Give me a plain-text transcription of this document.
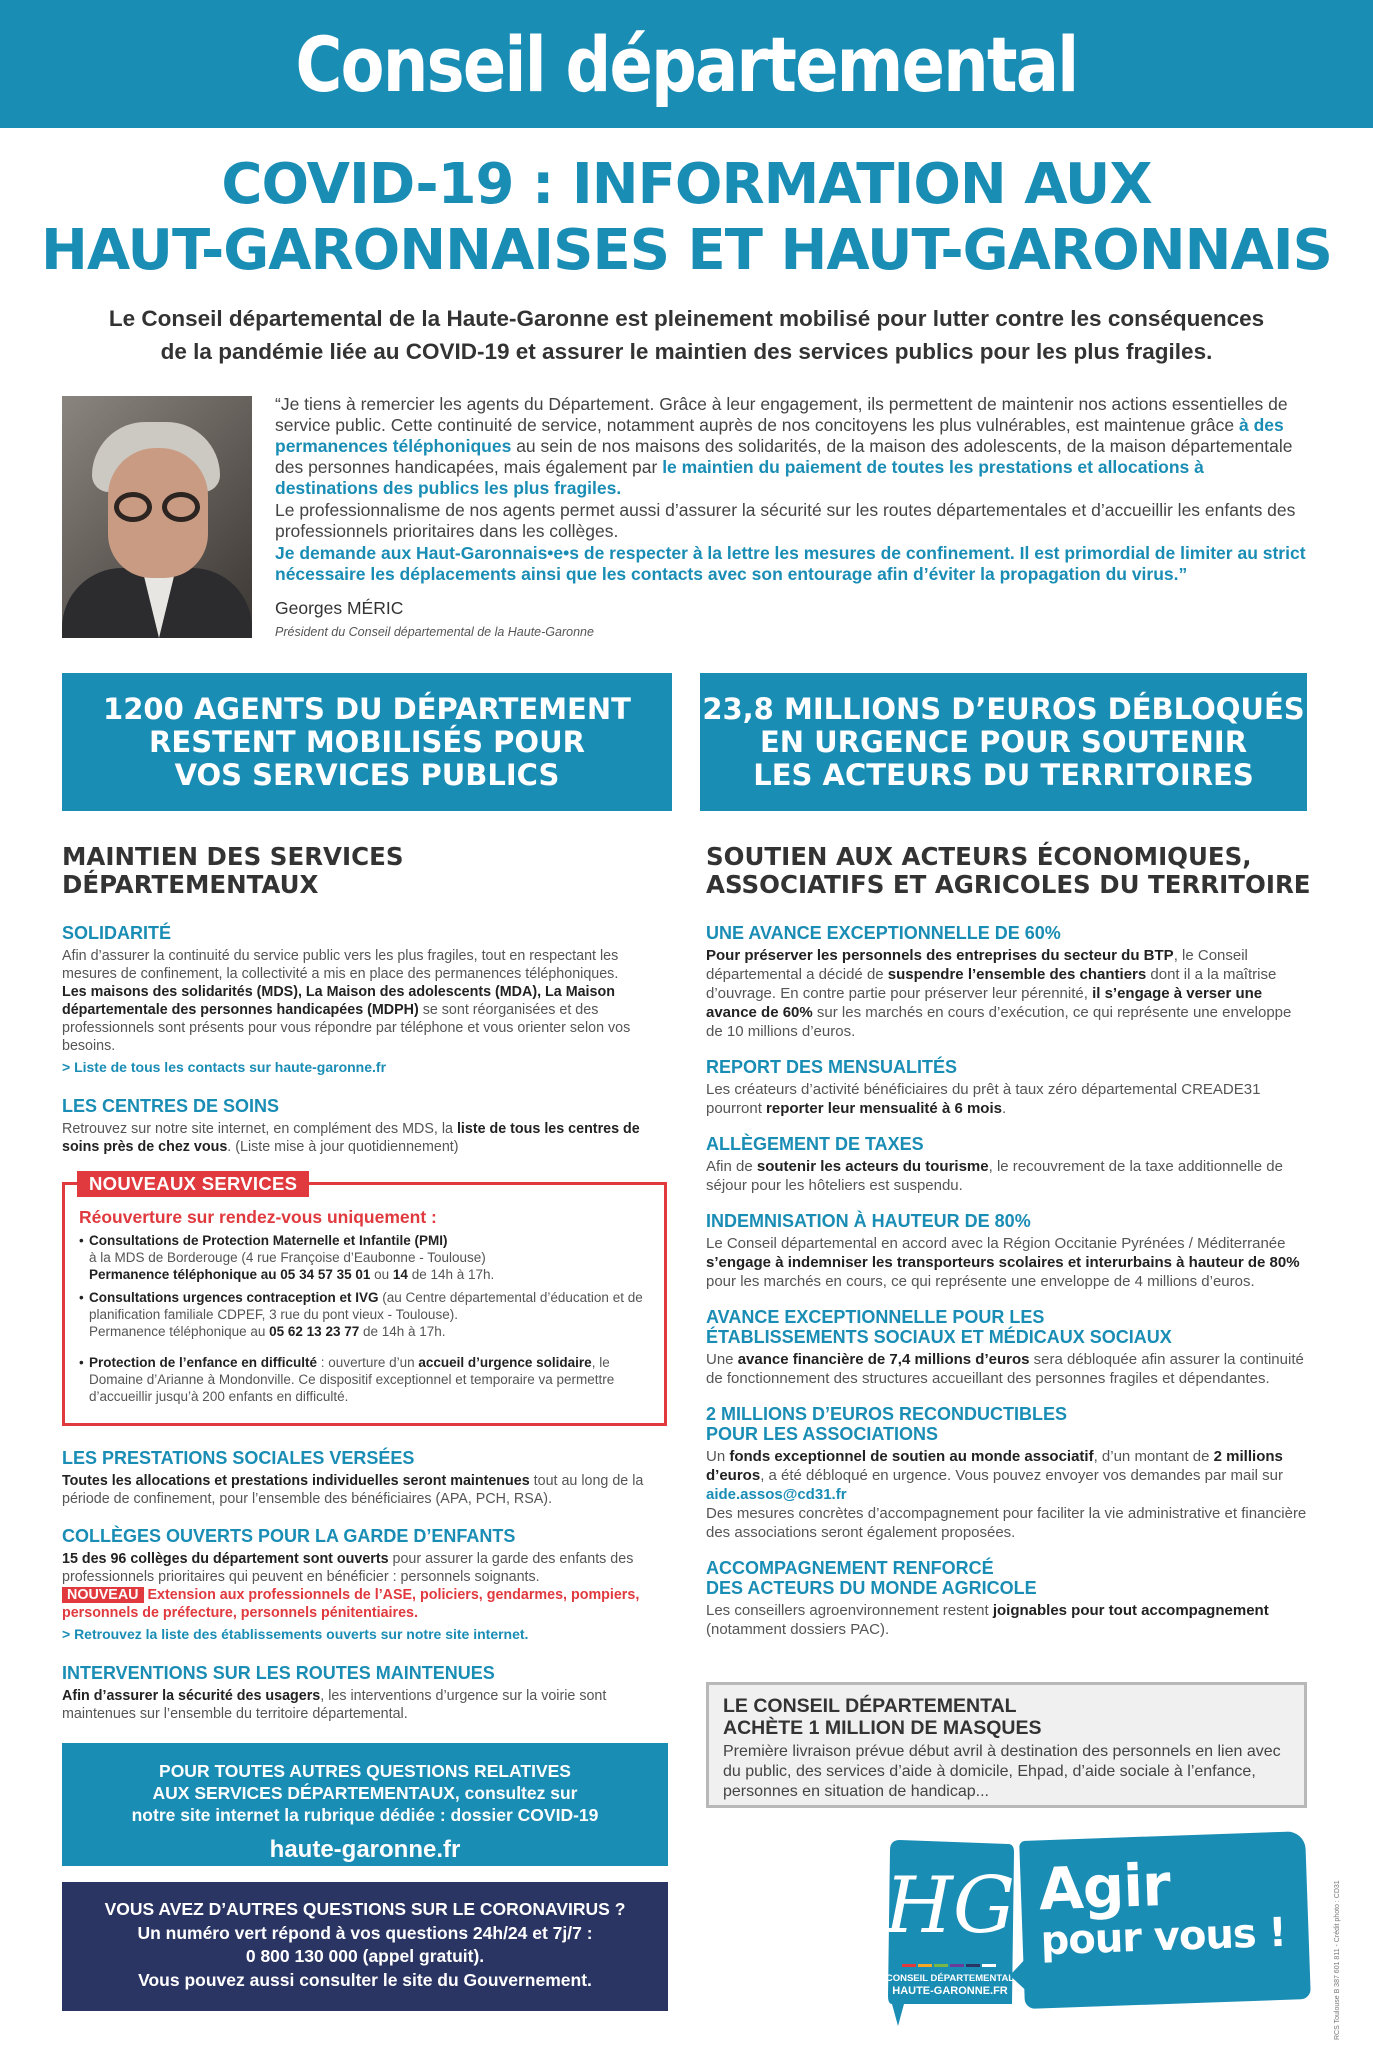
Conseil départemental
COVID-19 : INFORMATION AUX
HAUT-GARONNAISES ET HAUT-GARONNAIS
Le Conseil départemental de la Haute-Garonne est pleinement mobilisé pour lutter contre les conséquences
de la pandémie liée au COVID-19 et assurer le maintien des services publics pour les plus fragiles.

“Je tiens à remercier les agents du Département. Grâce à leur engagement, ils permettent de maintenir nos actions essentielles de service public. Cette continuité de service, notamment auprès de nos concitoyens les plus vulnérables, est maintenue grâce à des permanences téléphoniques au sein de nos maisons des solidarités, de la maison des adolescents, de la maison départementale des personnes handicapées, mais également par le maintien du paiement de toutes les prestations et allocations à destinations des publics les plus fragiles.

Le professionnalisme de nos agents permet aussi d’assurer la sécurité sur les routes départementales et d’accueillir les enfants des professionnels prioritaires dans les collèges.

Je demande aux Haut-Garonnais•e•s de respecter à la lettre les mesures de confinement. Il est primordial de limiter au strict nécessaire les déplacements ainsi que les contacts avec son entourage afin d’éviter la propagation du virus.”

Georges MÉRIC
Président du Conseil départemental de la Haute-Garonne
1200 AGENTS DU DÉPARTEMENT
RESTENT MOBILISÉS POUR
VOS SERVICES PUBLICS
23,8 MILLIONS D’EUROS DÉBLOQUÉS
EN URGENCE POUR SOUTENIR
LES ACTEURS DU TERRITOIRES
MAINTIEN DES SERVICES
DÉPARTEMENTAUX
SOLIDARITÉ
Afin d’assurer la continuité du service public vers les plus fragiles, tout en respectant les mesures de confinement, la collectivité a mis en place des permanences téléphoniques.
Les maisons des solidarités (MDS), La Maison des adolescents (MDA), La Maison départementale des personnes handicapées (MDPH) se sont réorganisées et des professionnels sont présents pour vous répondre par téléphone et vous orienter selon vos besoins.
> Liste de tous les contacts sur haute-garonne.fr
LES CENTRES DE SOINS
Retrouvez sur notre site internet, en complément des MDS, la liste de tous les centres de soins près de chez vous. (Liste mise à jour quotidiennement)
NOUVEAUX SERVICES
Réouverture sur rendez-vous uniquement :
• Consultations de Protection Maternelle et Infantile (PMI)
à la MDS de Borderouge (4 rue Françoise d’Eaubonne - Toulouse)
Permanence téléphonique au 05 34 57 35 01 ou 14 de 14h à 17h.
• Consultations urgences contraception et IVG (au Centre départemental d’éducation et de planification familiale CDPEF, 3 rue du pont vieux - Toulouse).
Permanence téléphonique au 05 62 13 23 77 de 14h à 17h.
• Protection de l’enfance en difficulté : ouverture d’un accueil d’urgence solidaire, le Domaine d’Arianne à Mondonville. Ce dispositif exceptionnel et temporaire va permettre d’accueillir jusqu’à 200 enfants en difficulté.
LES PRESTATIONS SOCIALES VERSÉES
Toutes les allocations et prestations individuelles seront maintenues tout au long de la période de confinement, pour l’ensemble des bénéficiaires (APA, PCH, RSA).
COLLÈGES OUVERTS POUR LA GARDE D’ENFANTS
15 des 96 collèges du département sont ouverts pour assurer la garde des enfants des professionnels prioritaires qui peuvent en bénéficier : personnels soignants.
NOUVEAU Extension aux professionnels de l’ASE, policiers, gendarmes, pompiers, personnels de préfecture, personnels pénitentiaires.
> Retrouvez la liste des établissements ouverts sur notre site internet.
INTERVENTIONS SUR LES ROUTES MAINTENUES
Afin d’assurer la sécurité des usagers, les interventions d’urgence sur la voirie sont maintenues sur l’ensemble du territoire départemental.
POUR TOUTES AUTRES QUESTIONS RELATIVES
AUX SERVICES DÉPARTEMENTAUX, consultez sur
notre site internet la rubrique dédiée : dossier COVID-19
haute-garonne.fr
VOUS AVEZ D’AUTRES QUESTIONS SUR LE CORONAVIRUS ?
Un numéro vert répond à vos questions 24h/24 et 7j/7 :
0 800 130 000 (appel gratuit).
Vous pouvez aussi consulter le site du Gouvernement.
SOUTIEN AUX ACTEURS ÉCONOMIQUES,
ASSOCIATIFS ET AGRICOLES DU TERRITOIRE
UNE AVANCE EXCEPTIONNELLE DE 60%
Pour préserver les personnels des entreprises du secteur du BTP, le Conseil départemental a décidé de suspendre l’ensemble des chantiers dont il a la maîtrise d’ouvrage. En contre partie pour préserver leur pérennité, il s’engage à verser une avance de 60% sur les marchés en cours d’exécution, ce qui représente une enveloppe de 10 millions d’euros.
REPORT DES MENSUALITÉS
Les créateurs d’activité bénéficiaires du prêt à taux zéro départemental CREADE31 pourront reporter leur mensualité à 6 mois.
ALLÈGEMENT DE TAXES
Afin de soutenir les acteurs du tourisme, le recouvrement de la taxe additionnelle de séjour pour les hôteliers est suspendu.
INDEMNISATION À HAUTEUR DE 80%
Le Conseil départemental en accord avec la Région Occitanie Pyrénées / Méditerranée s’engage à indemniser les transporteurs scolaires et interurbains à hauteur de 80% pour les marchés en cours, ce qui représente une enveloppe de 4 millions d’euros.
AVANCE EXCEPTIONNELLE POUR LES
ÉTABLISSEMENTS SOCIAUX ET MÉDICAUX SOCIAUX
Une avance financière de 7,4 millions d’euros sera débloquée afin assurer la continuité de fonctionnement des structures accueillant des personnes fragiles et dépendantes.
2 MILLIONS D’EUROS RECONDUCTIBLES
POUR LES ASSOCIATIONS
Un fonds exceptionnel de soutien au monde associatif, d’un montant de 2 millions d’euros, a été débloqué en urgence. Vous pouvez envoyer vos demandes par mail sur aide.assos@cd31.fr
Des mesures concrètes d’accompagnement pour faciliter la vie administrative et financière des associations seront également proposées.
ACCOMPAGNEMENT RENFORCÉ
DES ACTEURS DU MONDE AGRICOLE
Les conseillers agroenvironnement restent joignables pour tout accompagnement (notamment dossiers PAC).
LE CONSEIL DÉPARTEMENTAL
ACHÈTE 1 MILLION DE MASQUES
Première livraison prévue début avril à destination des personnels en lien avec du public, des services d’aide à domicile, Ehpad, d’aide sociale à l’enfance, personnes en situation de handicap...
HG
CONSEIL DÉPARTEMENTAL
HAUTE-GARONNE.FR
Agir
pour vous !	RCS Toulouse B 387 601 811 - Crédit photo : CD31
